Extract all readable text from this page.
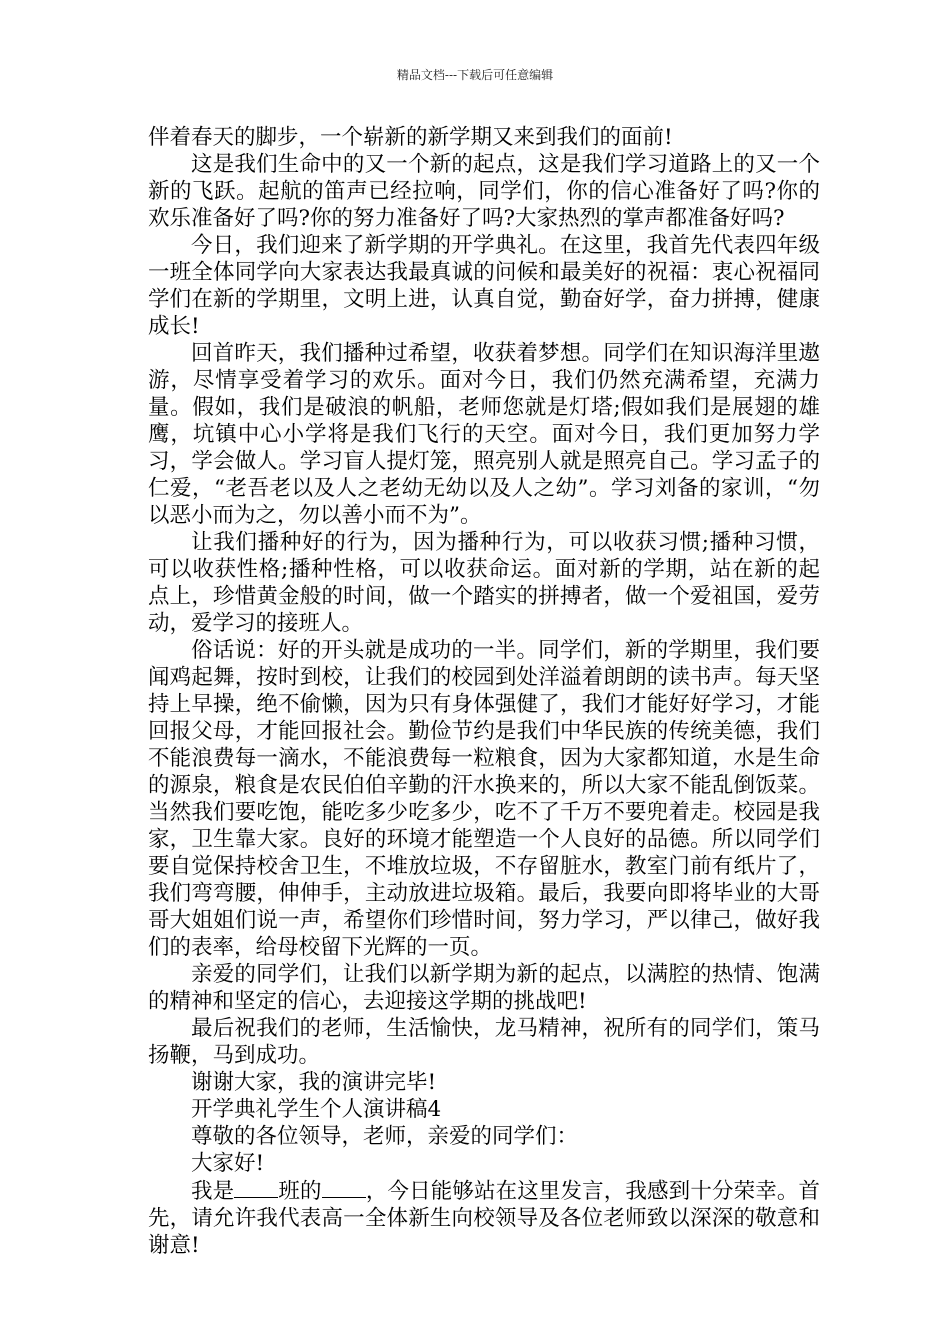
精品文档---下载后可任意编辑

伴着春天的脚步，一个崭新的新学期又来到我们的面前!

这是我们生命中的又一个新的起点，这是我们学习道路上的又一个新的飞跃。起航的笛声已经拉响，同学们，你的信心准备好了吗?你的欢乐准备好了吗?你的努力准备好了吗?大家热烈的掌声都准备好吗?

今日，我们迎来了新学期的开学典礼。在这里，我首先代表四年级一班全体同学向大家表达我最真诚的问候和最美好的祝福：衷心祝福同学们在新的学期里，文明上进，认真自觉，勤奋好学，奋力拼搏，健康成长!

回首昨天，我们播种过希望，收获着梦想。同学们在知识海洋里遨游，尽情享受着学习的欢乐。面对今日，我们仍然充满希望，充满力量。假如，我们是破浪的帆船，老师您就是灯塔;假如我们是展翅的雄鹰，坑镇中心小学将是我们飞行的天空。面对今日，我们更加努力学习，学会做人。学习盲人提灯笼，照亮别人就是照亮自己。学习孟子的仁爱，“老吾老以及人之老幼无幼以及人之幼”。学习刘备的家训，“勿以恶小而为之，勿以善小而不为”。

让我们播种好的行为，因为播种行为，可以收获习惯;播种习惯，可以收获性格;播种性格，可以收获命运。面对新的学期，站在新的起点上，珍惜黄金般的时间，做一个踏实的拼搏者，做一个爱祖国，爱劳动，爱学习的接班人。

俗话说：好的开头就是成功的一半。同学们，新的学期里，我们要闻鸡起舞，按时到校，让我们的校园到处洋溢着朗朗的读书声。每天坚持上早操，绝不偷懒，因为只有身体强健了，我们才能好好学习，才能回报父母，才能回报社会。勤俭节约是我们中华民族的传统美德，我们不能浪费每一滴水，不能浪费每一粒粮食，因为大家都知道，水是生命的源泉，粮食是农民伯伯辛勤的汗水换来的，所以大家不能乱倒饭菜。当然我们要吃饱，能吃多少吃多少，吃不了千万不要兜着走。校园是我家，卫生靠大家。良好的环境才能塑造一个人良好的品德。所以同学们要自觉保持校舍卫生，不堆放垃圾，不存留脏水，教室门前有纸片了，我们弯弯腰，伸伸手，主动放进垃圾箱。最后，我要向即将毕业的大哥哥大姐姐们说一声，希望你们珍惜时间，努力学习，严以律己，做好我们的表率，给母校留下光辉的一页。

亲爱的同学们，让我们以新学期为新的起点，以满腔的热情、饱满的精神和坚定的信心，去迎接这学期的挑战吧!

最后祝我们的老师，生活愉快，龙马精神，祝所有的同学们，策马扬鞭，马到成功。

谢谢大家，我的演讲完毕!

开学典礼学生个人演讲稿4

尊敬的各位领导，老师，亲爱的同学们：

大家好!

我是 班的 ，今日能够站在这里发言，我感到十分荣幸。首先，请允许我代表高一全体新生向校领导及各位老师致以深深的敬意和谢意!
